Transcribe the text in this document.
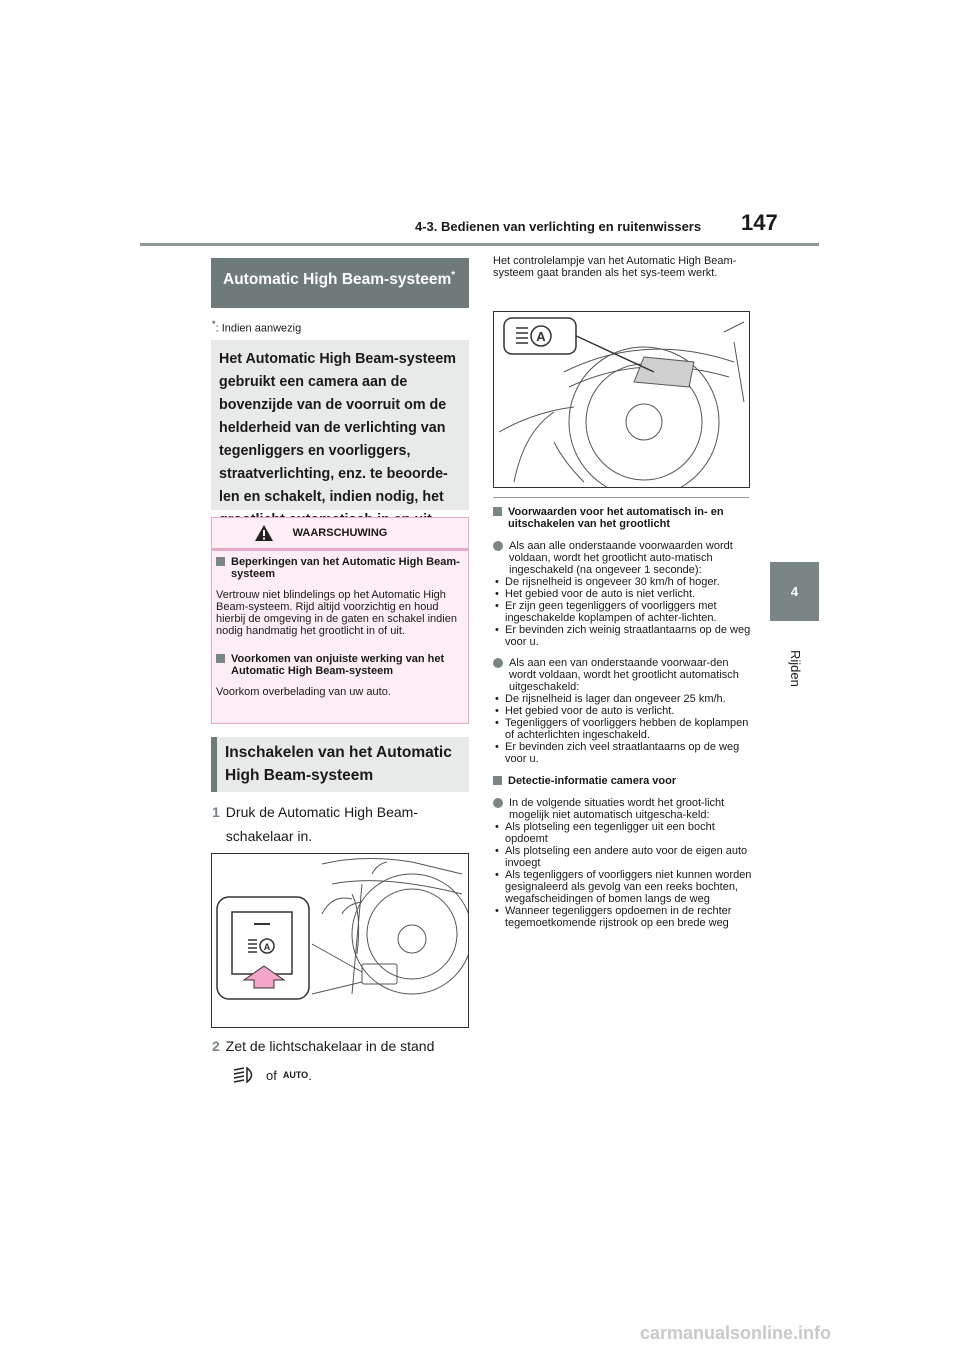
4-3. Bedienen van verlichting en ruitenwissers 147
4
Rijden
Automatic High Beam-systeem*
*: Indien aanwezig
Het Automatic High Beam-systeem gebruikt een camera aan de bovenzijde van de voorruit om de helderheid van de verlichting van tegenliggers en voorliggers, straatverlichting, enz. te beoorde-len en schakelt, indien nodig, het
WAARSCHUWING
Beperkingen van het Automatic High Beam-systeem
Vertrouw niet blindelings op het Automatic High Beam-systeem. Rijd altijd voorzichtig en houd hierbij de omgeving in de gaten en schakel indien nodig handmatig het grootlicht in of uit.
Voorkomen van onjuiste werking van het Automatic High Beam-systeem
Voorkom overbelading van uw auto.
Inschakelen van het Automatic High Beam-systeem
1 Druk de Automatic High Beam-schakelaar in.
A
2 Zet de lichtschakelaar in de stand
of AUTO .
Het controlelampje van het Automatic High Beam-systeem gaat branden als het sys-teem werkt.
A
Voorwaarden voor het automatisch in- en uitschakelen van het grootlicht
Als aan alle onderstaande voorwaarden wordt voldaan, wordt het grootlicht auto-matisch ingeschakeld (na ongeveer 1 seconde):
• De rijsnelheid is ongeveer 30 km/h of hoger.
• Het gebied voor de auto is niet verlicht.
• Er zijn geen tegenliggers of voorliggers met ingeschakelde koplampen of achter-lichten.
• Er bevinden zich weinig straatlantaarns op de weg voor u.
Als aan een van onderstaande voorwaar-den wordt voldaan, wordt het grootlicht automatisch uitgeschakeld:
• De rijsnelheid is lager dan ongeveer 25 km/h.
• Het gebied voor de auto is verlicht.
• Tegenliggers of voorliggers hebben de koplampen of achterlichten ingeschakeld.
• Er bevinden zich veel straatlantaarns op de weg voor u.
Detectie-informatie camera voor
In de volgende situaties wordt het groot-licht mogelijk niet automatisch uitgescha-keld:
• Als plotseling een tegenligger uit een bocht opdoemt
• Als plotseling een andere auto voor de eigen auto invoegt
• Als tegenliggers of voorliggers niet kunnen worden gesignaleerd als gevolg van een reeks bochten, wegafscheidingen of bomen langs de weg
• Wanneer tegenliggers opdoemen in de rechter tegemoetkomende rijstrook op een brede weg
carmanualsonline.info
